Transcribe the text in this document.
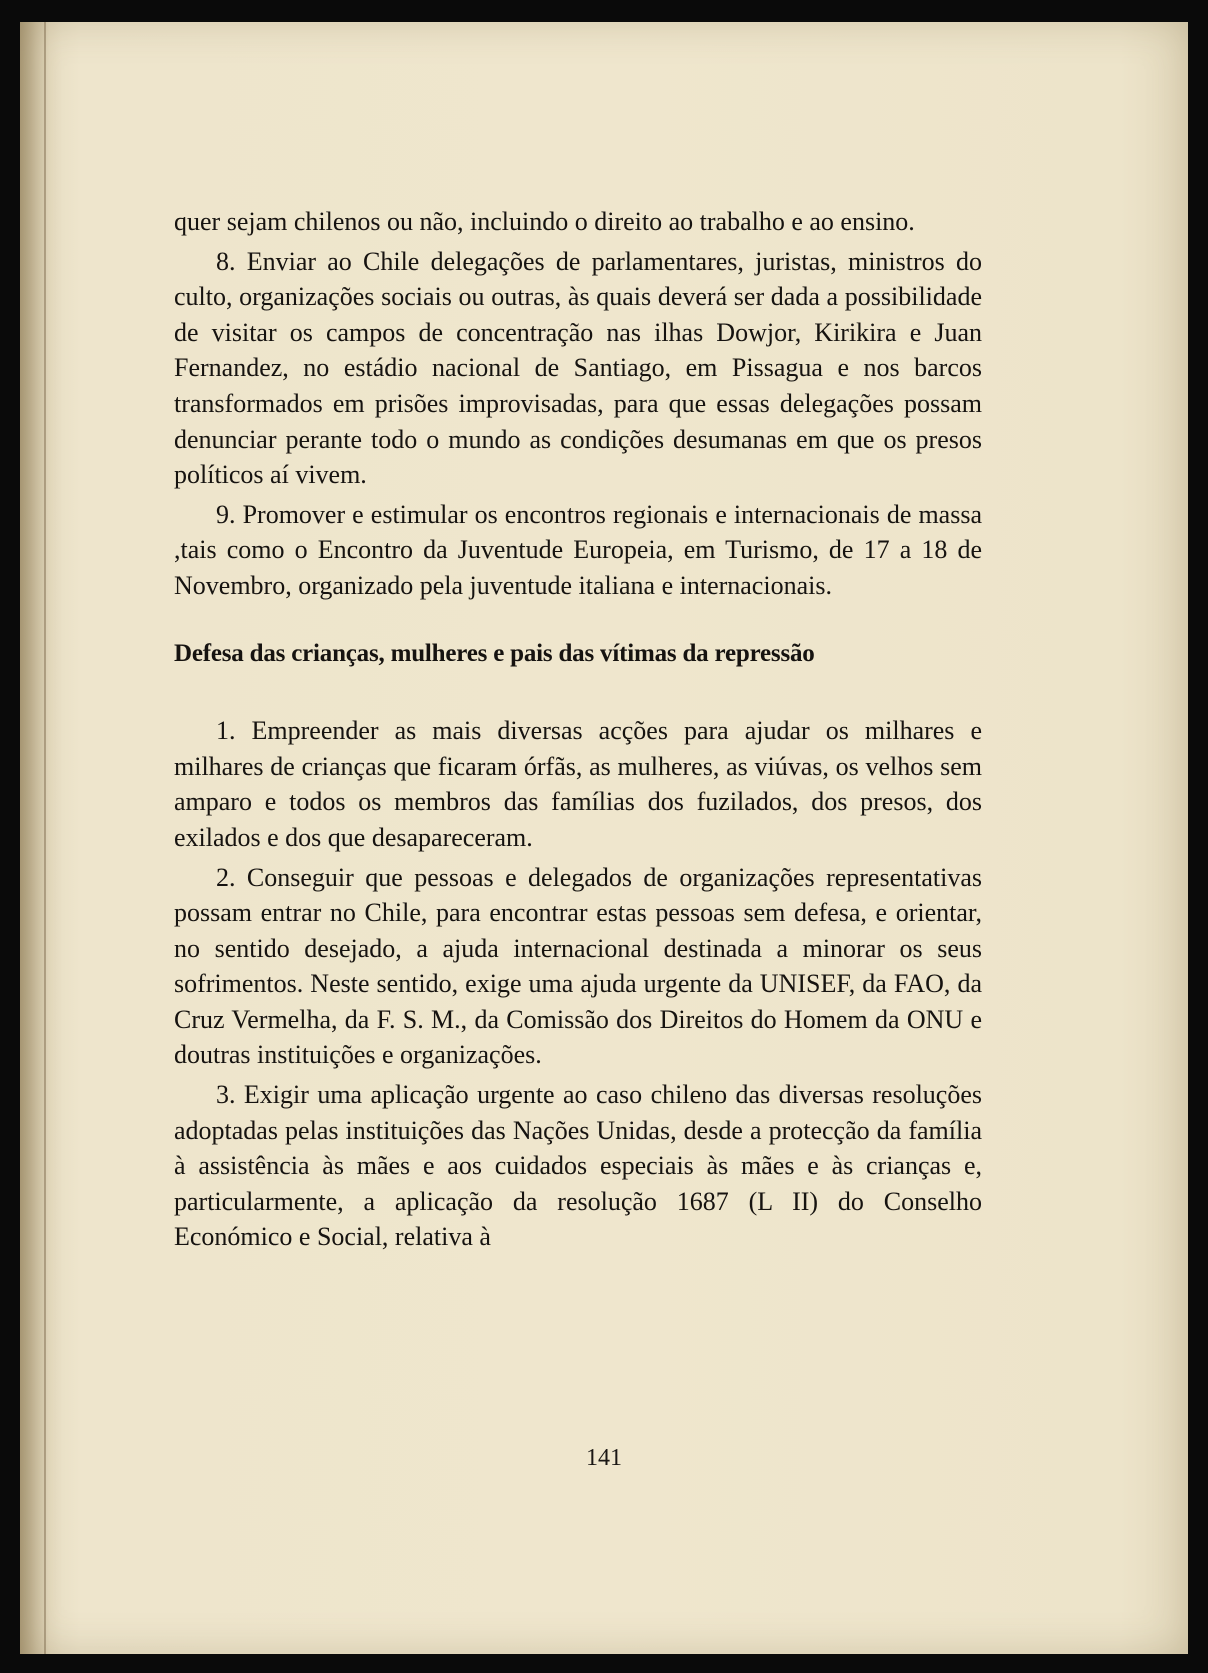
quer sejam chilenos ou não, incluindo o direito ao trabalho e ao ensino.

8. Enviar ao Chile delegações de parlamentares, juristas, ministros do culto, organizações sociais ou outras, às quais deverá ser dada a possibilidade de visitar os campos de concentração nas ilhas Dowjor, Kirikira e Juan Fernandez, no estádio nacional de Santiago, em Pissagua e nos barcos transformados em prisões improvisadas, para que essas delegações possam denunciar perante todo o mundo as condições desumanas em que os presos políticos aí vivem.

9. Promover e estimular os encontros regionais e internacionais de massa ,tais como o Encontro da Juventude Europeia, em Turismo, de 17 a 18 de Novembro, organizado pela juventude italiana e internacionais.

Defesa das crianças, mulheres e pais das vítimas da repressão

1. Empreender as mais diversas acções para ajudar os milhares e milhares de crianças que ficaram órfãs, as mulheres, as viúvas, os velhos sem amparo e todos os membros das famílias dos fuzilados, dos presos, dos exilados e dos que desapareceram.

2. Conseguir que pessoas e delegados de organizações representativas possam entrar no Chile, para encontrar estas pessoas sem defesa, e orientar, no sentido desejado, a ajuda internacional destinada a minorar os seus sofrimentos. Neste sentido, exige uma ajuda urgente da UNISEF, da FAO, da Cruz Vermelha, da F. S. M., da Comissão dos Direitos do Homem da ONU e doutras instituições e organizações.

3. Exigir uma aplicação urgente ao caso chileno das diversas resoluções adoptadas pelas instituições das Nações Unidas, desde a protecção da família à assistência às mães e aos cuidados especiais às mães e às crianças e, particularmente, a aplicação da resolução 1687 (L II) do Conselho Económico e Social, relativa à

141
